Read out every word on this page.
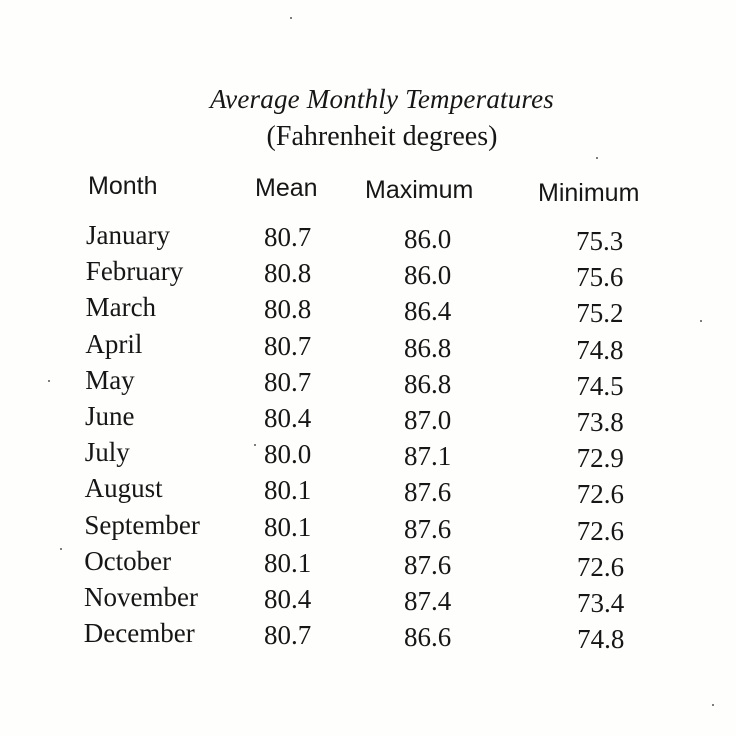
Average Monthly Temperatures
(Fahrenheit degrees)
Month	Mean Maximum	Minimum
January	80.7	86.0	75.3
February	80.8	86.0	75.6
March	80.8	86.4	75.2
April	80.7	86.8	74.8
May	80.7	86.8	74.5
June	80.4	87.0	73.8
July	80.0	87.1	72.9
August	80.1	87.6	72.6
September 80.1	87.6	72.6
October	80.1	87.6	72.6
November 80.4	87.4	73.4
December	80.7	86.6	74.8
